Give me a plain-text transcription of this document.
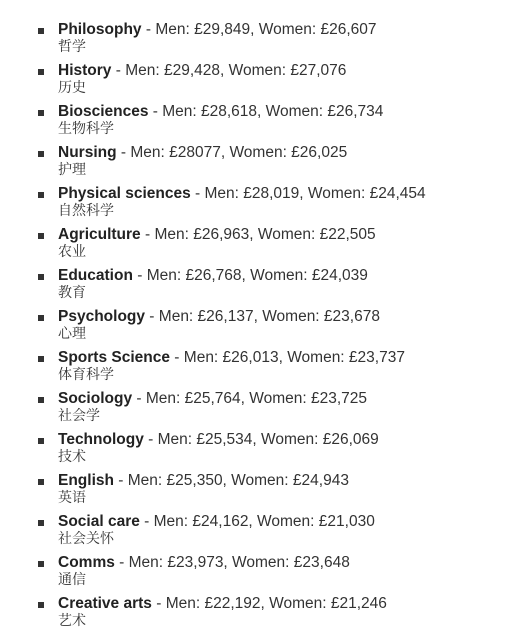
Philosophy - Men: £29,849, Women: £26,607
哲学
History - Men: £29,428, Women: £27,076
历史
Biosciences - Men: £28,618, Women: £26,734
生物科学
Nursing - Men: £28077, Women: £26,025
护理
Physical sciences - Men: £28,019, Women: £24,454
自然科学
Agriculture - Men: £26,963, Women: £22,505
农业
Education - Men: £26,768, Women: £24,039
教育
Psychology - Men: £26,137, Women: £23,678
心理
Sports Science - Men: £26,013, Women: £23,737
体育科学
Sociology - Men: £25,764, Women: £23,725
社会学
Technology - Men: £25,534, Women: £26,069
技术
English - Men: £25,350, Women: £24,943
英语
Social care - Men: £24,162, Women: £21,030
社会关怀
Comms - Men: £23,973, Women: £23,648
通信
Creative arts - Men: £22,192, Women: £21,246
艺术
